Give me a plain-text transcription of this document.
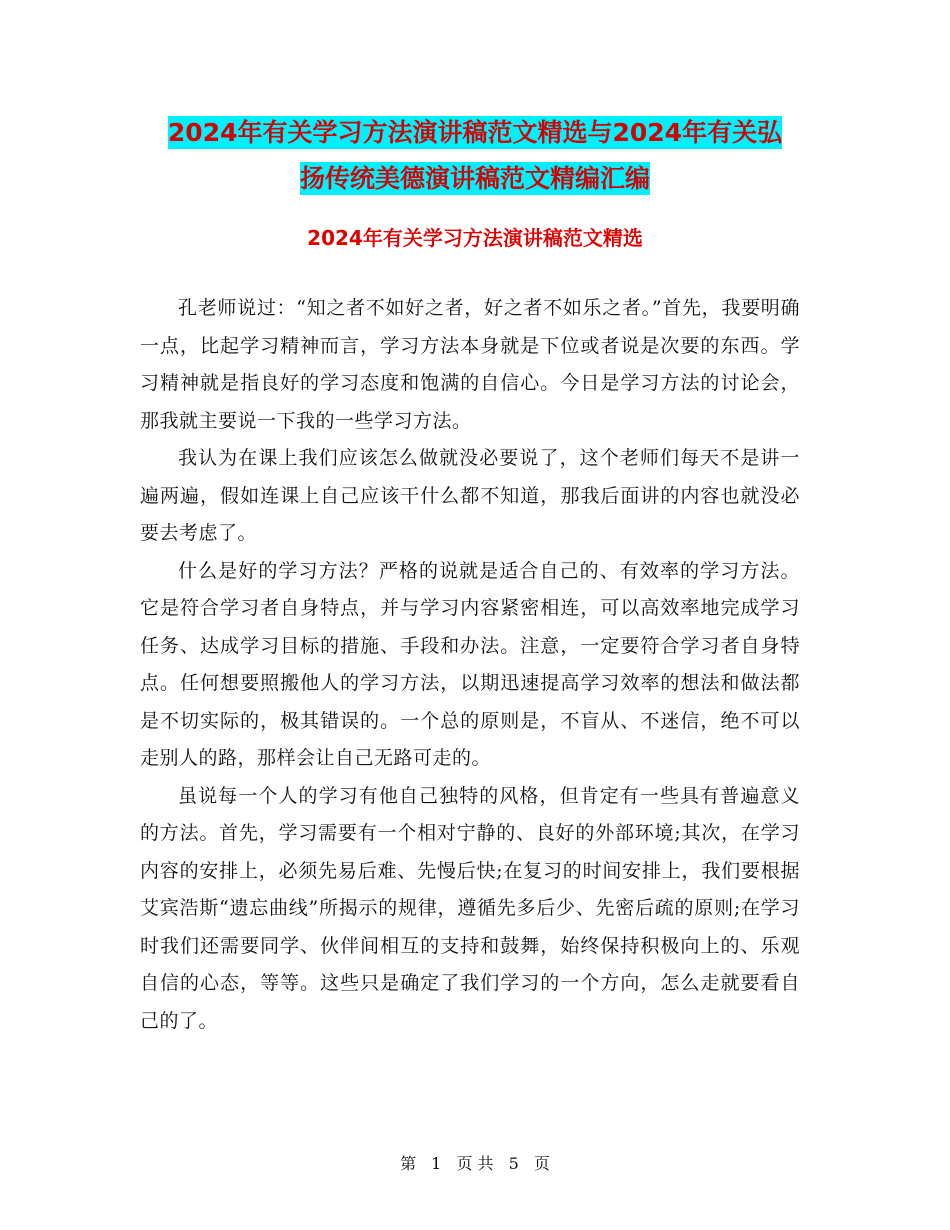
2024年有关学习方法演讲稿范文精选与2024年有关弘
扬传统美德演讲稿范文精编汇编
2024年有关学习方法演讲稿范文精选

孔老师说过：“知之者不如好之者，好之者不如乐之者。”首先，我要明确一点，比起学习精神而言，学习方法本身就是下位或者说是次要的东西。学习精神就是指良好的学习态度和饱满的自信心。今日是学习方法的讨论会，那我就主要说一下我的一些学习方法。

我认为在课上我们应该怎么做就没必要说了，这个老师们每天不是讲一遍两遍，假如连课上自己应该干什么都不知道，那我后面讲的内容也就没必要去考虑了。

什么是好的学习方法？严格的说就是适合自己的、有效率的学习方法。它是符合学习者自身特点，并与学习内容紧密相连，可以高效率地完成学习任务、达成学习目标的措施、手段和办法。注意，一定要符合学习者自身特点。任何想要照搬他人的学习方法，以期迅速提高学习效率的想法和做法都是不切实际的，极其错误的。一个总的原则是，不盲从、不迷信，绝不可以走别人的路，那样会让自己无路可走的。

虽说每一个人的学习有他自己独特的风格，但肯定有一些具有普遍意义的方法。首先，学习需要有一个相对宁静的、良好的外部环境;其次，在学习内容的安排上，必须先易后难、先慢后快;在复习的时间安排上，我们要根据艾宾浩斯“遗忘曲线”所揭示的规律，遵循先多后少、先密后疏的原则;在学习时我们还需要同学、伙伴间相互的支持和鼓舞，始终保持积极向上的、乐观自信的心态，等等。这些只是确定了我们学习的一个方向，怎么走就要看自己的了。

第 1 页 共 5 页
